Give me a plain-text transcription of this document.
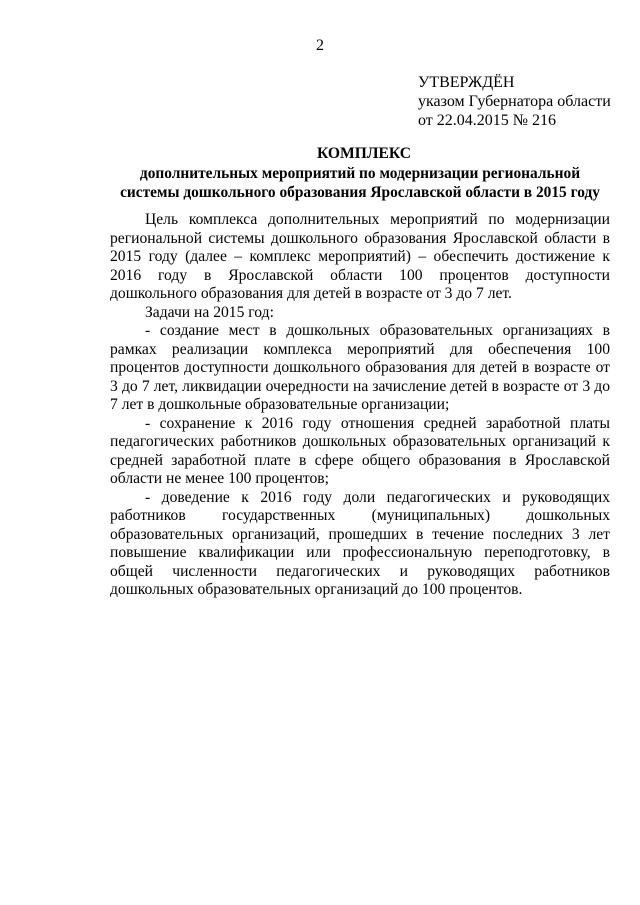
2
УТВЕРЖДЁН
указом Губернатора области
от 22.04.2015 № 216
КОМПЛЕКС
дополнительных мероприятий по модернизации региональной
системы дошкольного образования Ярославской области в 2015 году

Цель комплекса дополнительных мероприятий по модернизации региональной системы дошкольного образования Ярославской области в 2015 году (далее – комплекс мероприятий) – обеспечить достижение к 2016 году в Ярославской области 100 процентов доступности дошкольного образования для детей в возрасте от 3 до 7 лет.

Задачи на 2015 год:

- создание мест в дошкольных образовательных организациях в рамках реализации комплекса мероприятий для обеспечения 100 процентов доступности дошкольного образования для детей в возрасте от 3 до 7 лет, ликвидации очередности на зачисление детей в возрасте от 3 до 7 лет в дошкольные образовательные организации;

- сохранение к 2016 году отношения средней заработной платы педагогических работников дошкольных образовательных организаций к средней заработной плате в сфере общего образования в Ярославской области не менее 100 процентов;

- доведение к 2016 году доли педагогических и руководящих работников государственных (муниципальных) дошкольных образовательных организаций, прошедших в течение последних 3 лет повышение квалификации или профессиональную переподготовку, в общей численности педагогических и руководящих работников дошкольных образовательных организаций до 100 процентов.
